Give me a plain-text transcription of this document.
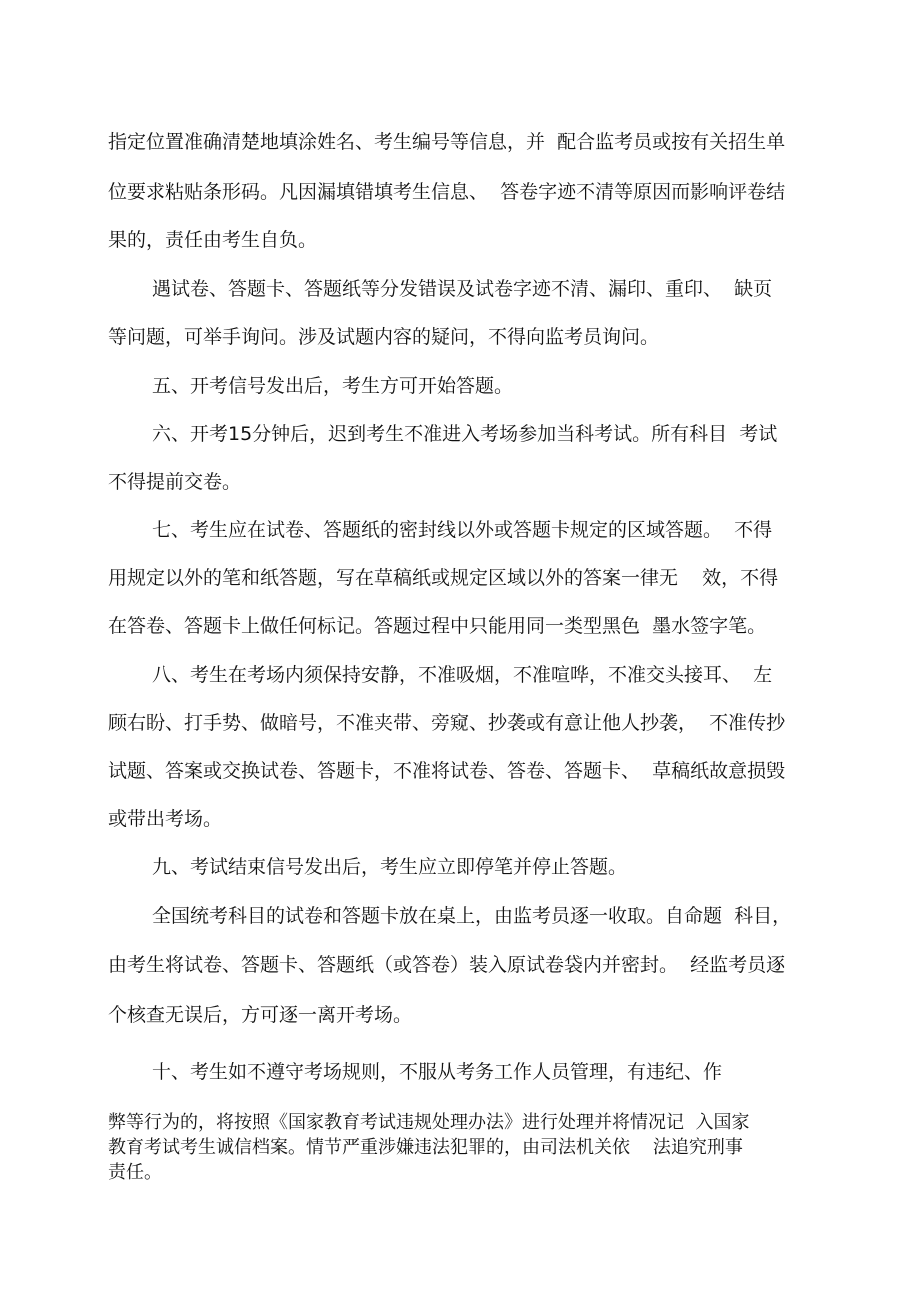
指定位置准确清楚地填涂姓名、考生编号等信息，并  配合监考员或按有关招生单

位要求粘贴条形码。凡因漏填错填考生信息、  答卷字迹不清等原因而影响评卷结

果的，责任由考生自负。

遇试卷、答题卡、答题纸等分发错误及试卷字迹不清、漏印、重印、  缺页

等问题，可举手询问。涉及试题内容的疑问，不得向监考员询问。

五、开考信号发出后，考生方可开始答题。

六、开考15分钟后，迟到考生不准进入考场参加当科考试。所有科目  考试

不得提前交卷。

七、考生应在试卷、答题纸的密封线以外或答题卡规定的区域答题。  不得

用规定以外的笔和纸答题，写在草稿纸或规定区域以外的答案一律无    效，不得

在答卷、答题卡上做任何标记。答题过程中只能用同一类型黑色  墨水签字笔。

八、考生在考场内须保持安静，不准吸烟，不准喧哗，不准交头接耳、  左

顾右盼、打手势、做暗号，不准夹带、旁窥、抄袭或有意让他人抄袭，  不准传抄

试题、答案或交换试卷、答题卡，不准将试卷、答卷、答题卡、  草稿纸故意损毁

或带出考场。

九、考试结束信号发出后，考生应立即停笔并停止答题。

全国统考科目的试卷和答题卡放在桌上，由监考员逐一收取。自命题  科目，

由考生将试卷、答题卡、答题纸（或答卷）装入原试卷袋内并密封。  经监考员逐

个核查无误后，方可逐一离开考场。

十、考生如不遵守考场规则，不服从考务工作人员管理，有违纪、作

弊等行为的，将按照《国家教育考试违规处理办法》进行处理并将情况记  入国家

教育考试考生诚信档案。情节严重涉嫌违法犯罪的，由司法机关依    法追究刑事

责任。
